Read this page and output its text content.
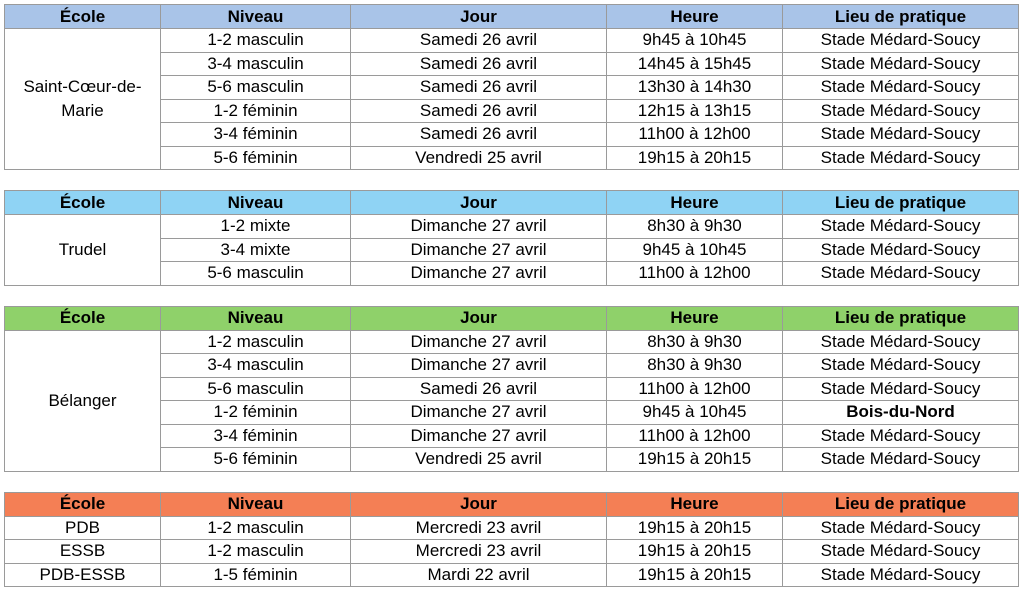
École	Niveau	Jour	Heure	Lieu de pratique
Saint-Cœur-de-Marie	1-2 masculin	Samedi 26 avril	9h45 à 10h45	Stade Médard-Soucy
	3-4 masculin	Samedi 26 avril	14h45 à 15h45	Stade Médard-Soucy
	5-6 masculin	Samedi 26 avril	13h30 à 14h30	Stade Médard-Soucy
	1-2 féminin	Samedi 26 avril	12h15 à 13h15	Stade Médard-Soucy
	3-4 féminin	Samedi 26 avril	11h00 à 12h00	Stade Médard-Soucy
	5-6 féminin	Vendredi 25 avril	19h15 à 20h15	Stade Médard-Soucy

École	Niveau	Jour	Heure	Lieu de pratique
Trudel	1-2 mixte	Dimanche 27 avril	8h30 à 9h30	Stade Médard-Soucy
	3-4 mixte	Dimanche 27 avril	9h45 à 10h45	Stade Médard-Soucy
	5-6 masculin	Dimanche 27 avril	11h00 à 12h00	Stade Médard-Soucy

École	Niveau	Jour	Heure	Lieu de pratique
Bélanger	1-2 masculin	Dimanche 27 avril	8h30 à 9h30	Stade Médard-Soucy
	3-4 masculin	Dimanche 27 avril	8h30 à 9h30	Stade Médard-Soucy
	5-6 masculin	Samedi 26 avril	11h00 à 12h00	Stade Médard-Soucy
	1-2 féminin	Dimanche 27 avril	9h45 à 10h45	Bois-du-Nord
	3-4 féminin	Dimanche 27 avril	11h00 à 12h00	Stade Médard-Soucy
	5-6 féminin	Vendredi 25 avril	19h15 à 20h15	Stade Médard-Soucy

École	Niveau	Jour	Heure	Lieu de pratique
PDB	1-2 masculin	Mercredi 23 avril	19h15 à 20h15	Stade Médard-Soucy
ESSB	1-2 masculin	Mercredi 23 avril	19h15 à 20h15	Stade Médard-Soucy
PDB-ESSB	1-5 féminin	Mardi 22 avril	19h15 à 20h15	Stade Médard-Soucy
